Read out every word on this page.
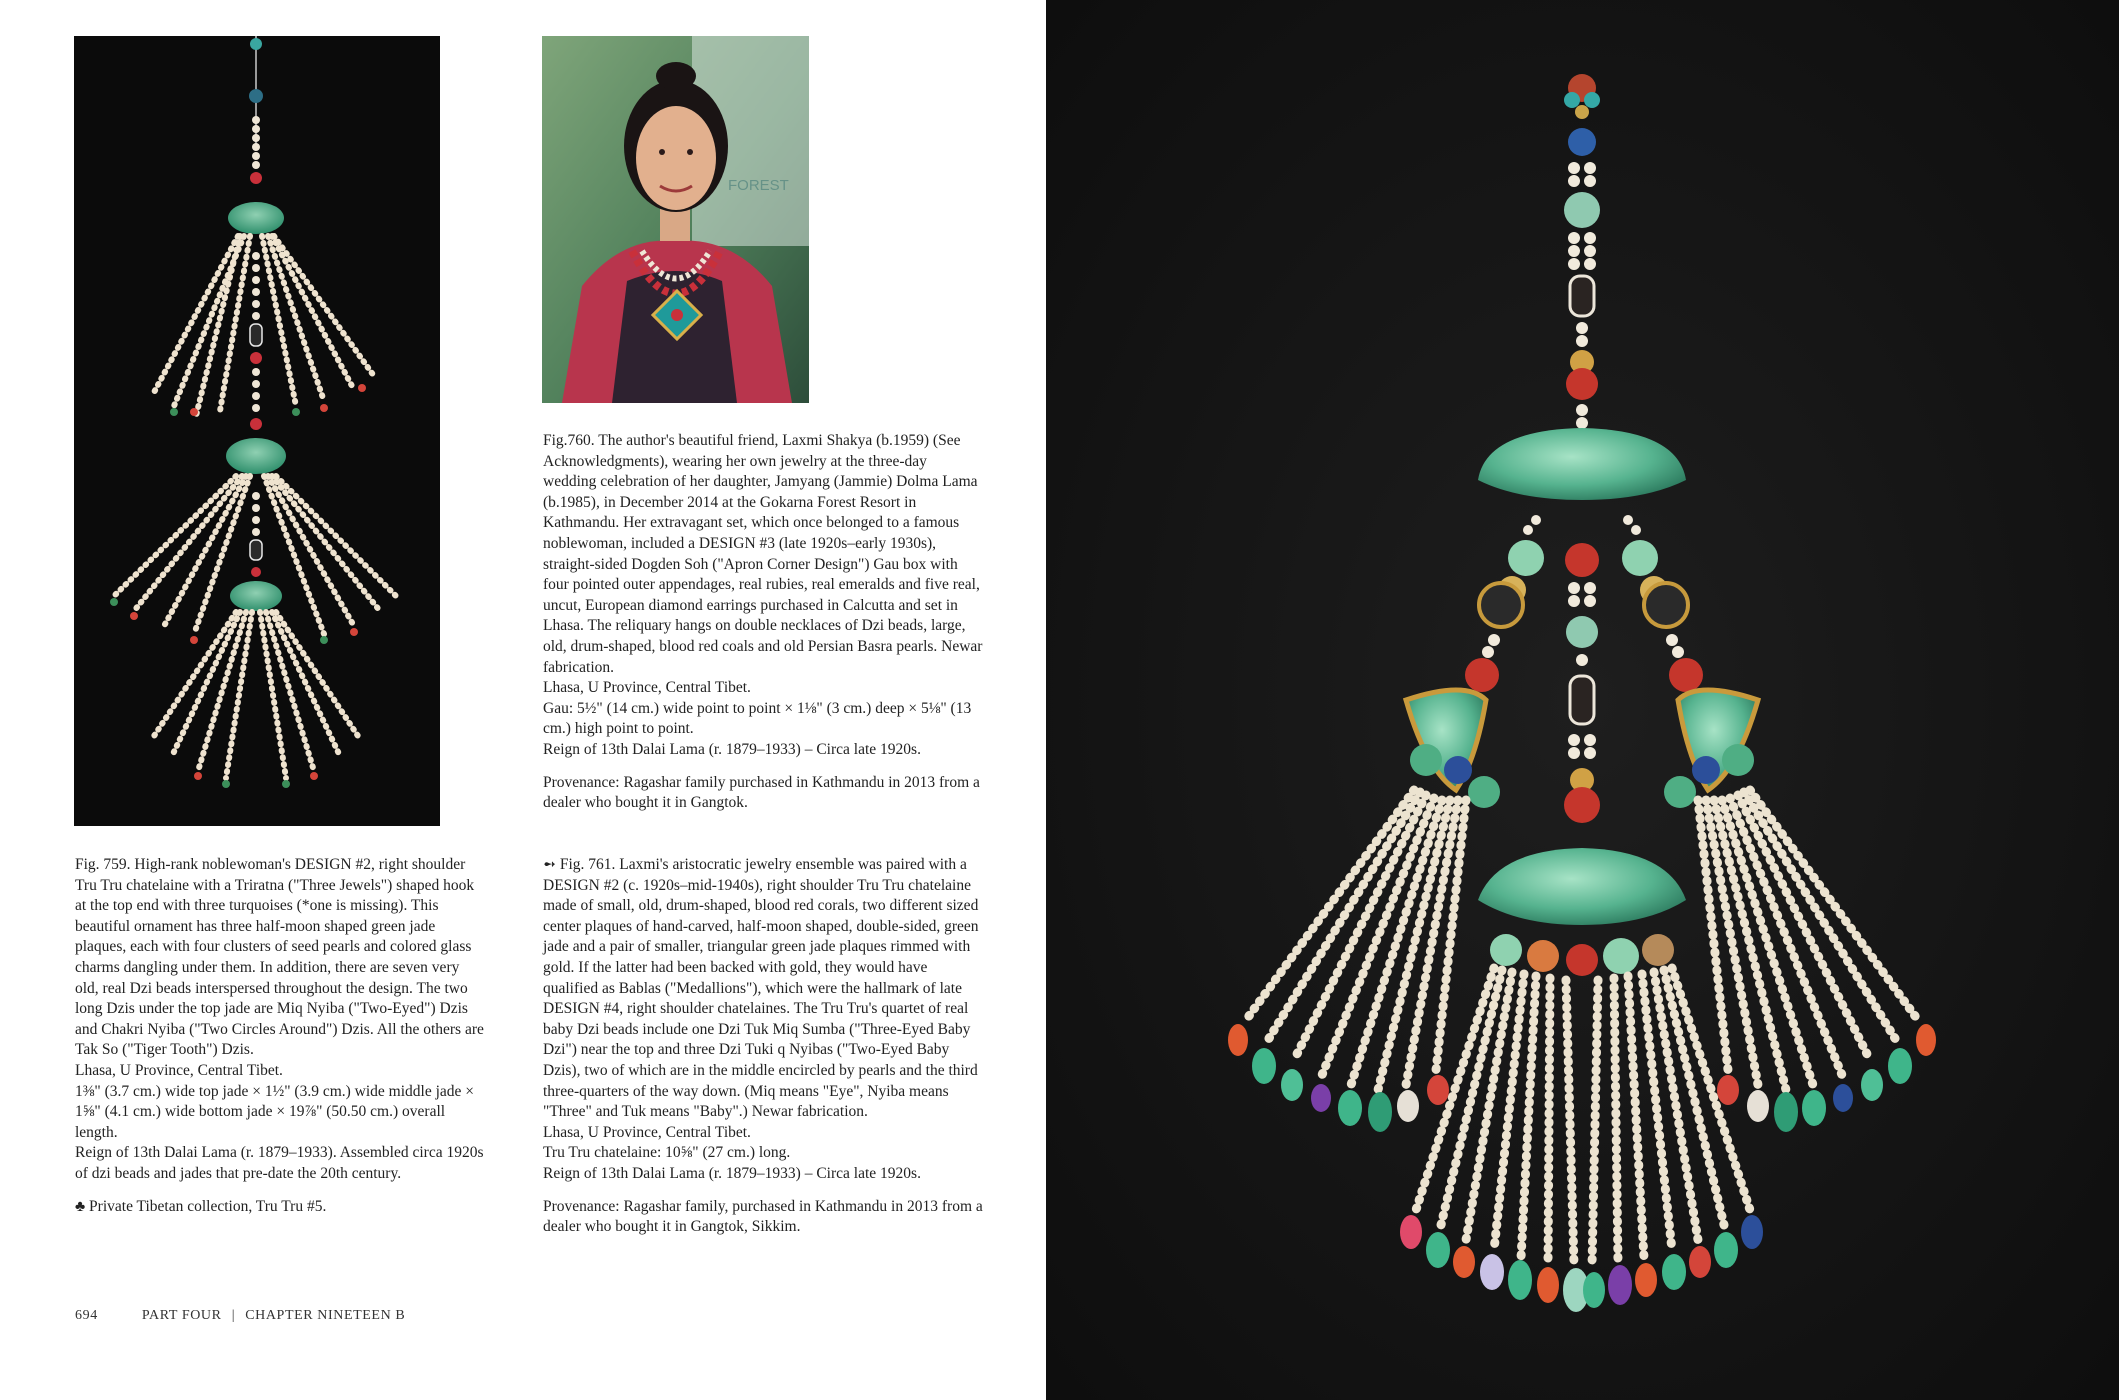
FOREST

Fig.760. The author's beautiful friend, Laxmi Shakya (b.1959) (See Acknowledgments), wearing her own jewelry at the three-day wedding celebration of her daughter, Jamyang (Jammie) Dolma Lama (b.1985), in December 2014 at the Gokarna Forest Resort in Kathmandu. Her extravagant set, which once belonged to a famous noblewoman, included a DESIGN #3 (late 1920s–early 1930s), straight-sided Dogden Soh ("Apron Corner Design") Gau box with four pointed outer appendages, real rubies, real emeralds and five real, uncut, European diamond earrings purchased in Calcutta and set in Lhasa. The reliquary hangs on double necklaces of Dzi beads, large, old, drum-shaped, blood red coals and old Persian Basra pearls. Newar fabrication.

Lhasa, U Province, Central Tibet.

Gau: 5½" (14 cm.) wide point to point × 1⅛" (3 cm.) deep × 5⅛" (13 cm.) high point to point.

Reign of 13th Dalai Lama (r. 1879–1933) – Circa late 1920s.

Provenance: Ragashar family purchased in Kathmandu in 2013 from a dealer who bought it in Gangtok.

Fig. 759. High-rank noblewoman's DESIGN #2, right shoulder Tru Tru chatelaine with a Triratna ("Three Jewels") shaped hook at the top end with three turquoises (*one is missing). This beautiful ornament has three half-moon shaped green jade plaques, each with four clusters of seed pearls and colored glass charms dangling under them. In addition, there are seven very old, real Dzi beads interspersed throughout the design. The two long Dzis under the top jade are Miq Nyiba ("Two-Eyed") Dzis and Chakri Nyiba ("Two Circles Around") Dzis. All the others are Tak So ("Tiger Tooth") Dzis.

Lhasa, U Province, Central Tibet.

1⅜" (3.7 cm.) wide top jade × 1½" (3.9 cm.) wide middle jade × 1⅝" (4.1 cm.) wide bottom jade × 19⅞" (50.50 cm.) overall length.

Reign of 13th Dalai Lama (r. 1879–1933). Assembled circa 1920s of dzi beads and jades that pre-date the 20th century.

♣ Private Tibetan collection, Tru Tru #5.

➻ Fig. 761. Laxmi's aristocratic jewelry ensemble was paired with a DESIGN #2 (c. 1920s–mid-1940s), right shoulder Tru Tru chatelaine made of small, old, drum-shaped, blood red corals, two different sized center plaques of hand-carved, half-moon shaped, double-sided, green jade and a pair of smaller, triangular green jade plaques rimmed with gold. If the latter had been backed with gold, they would have qualified as Bablas ("Medallions"), which were the hallmark of late DESIGN #4, right shoulder chatelaines. The Tru Tru's quartet of real baby Dzi beads include one Dzi Tuk Miq Sumba ("Three-Eyed Baby Dzi") near the top and three Dzi Tuki q Nyibas ("Two-Eyed Baby Dzis), two of which are in the middle encircled by pearls and the third three-quarters of the way down. (Miq means "Eye", Nyiba means "Three" and Tuk means "Baby".) Newar fabrication.

Lhasa, U Province, Central Tibet.

Tru Tru chatelaine: 10⅝" (27 cm.) long.

Reign of 13th Dalai Lama (r. 1879–1933) – Circa late 1920s.

Provenance: Ragashar family, purchased in Kathmandu in 2013 from a dealer who bought it in Gangtok, Sikkim.

694	PART FOUR | CHAPTER NINETEEN B
